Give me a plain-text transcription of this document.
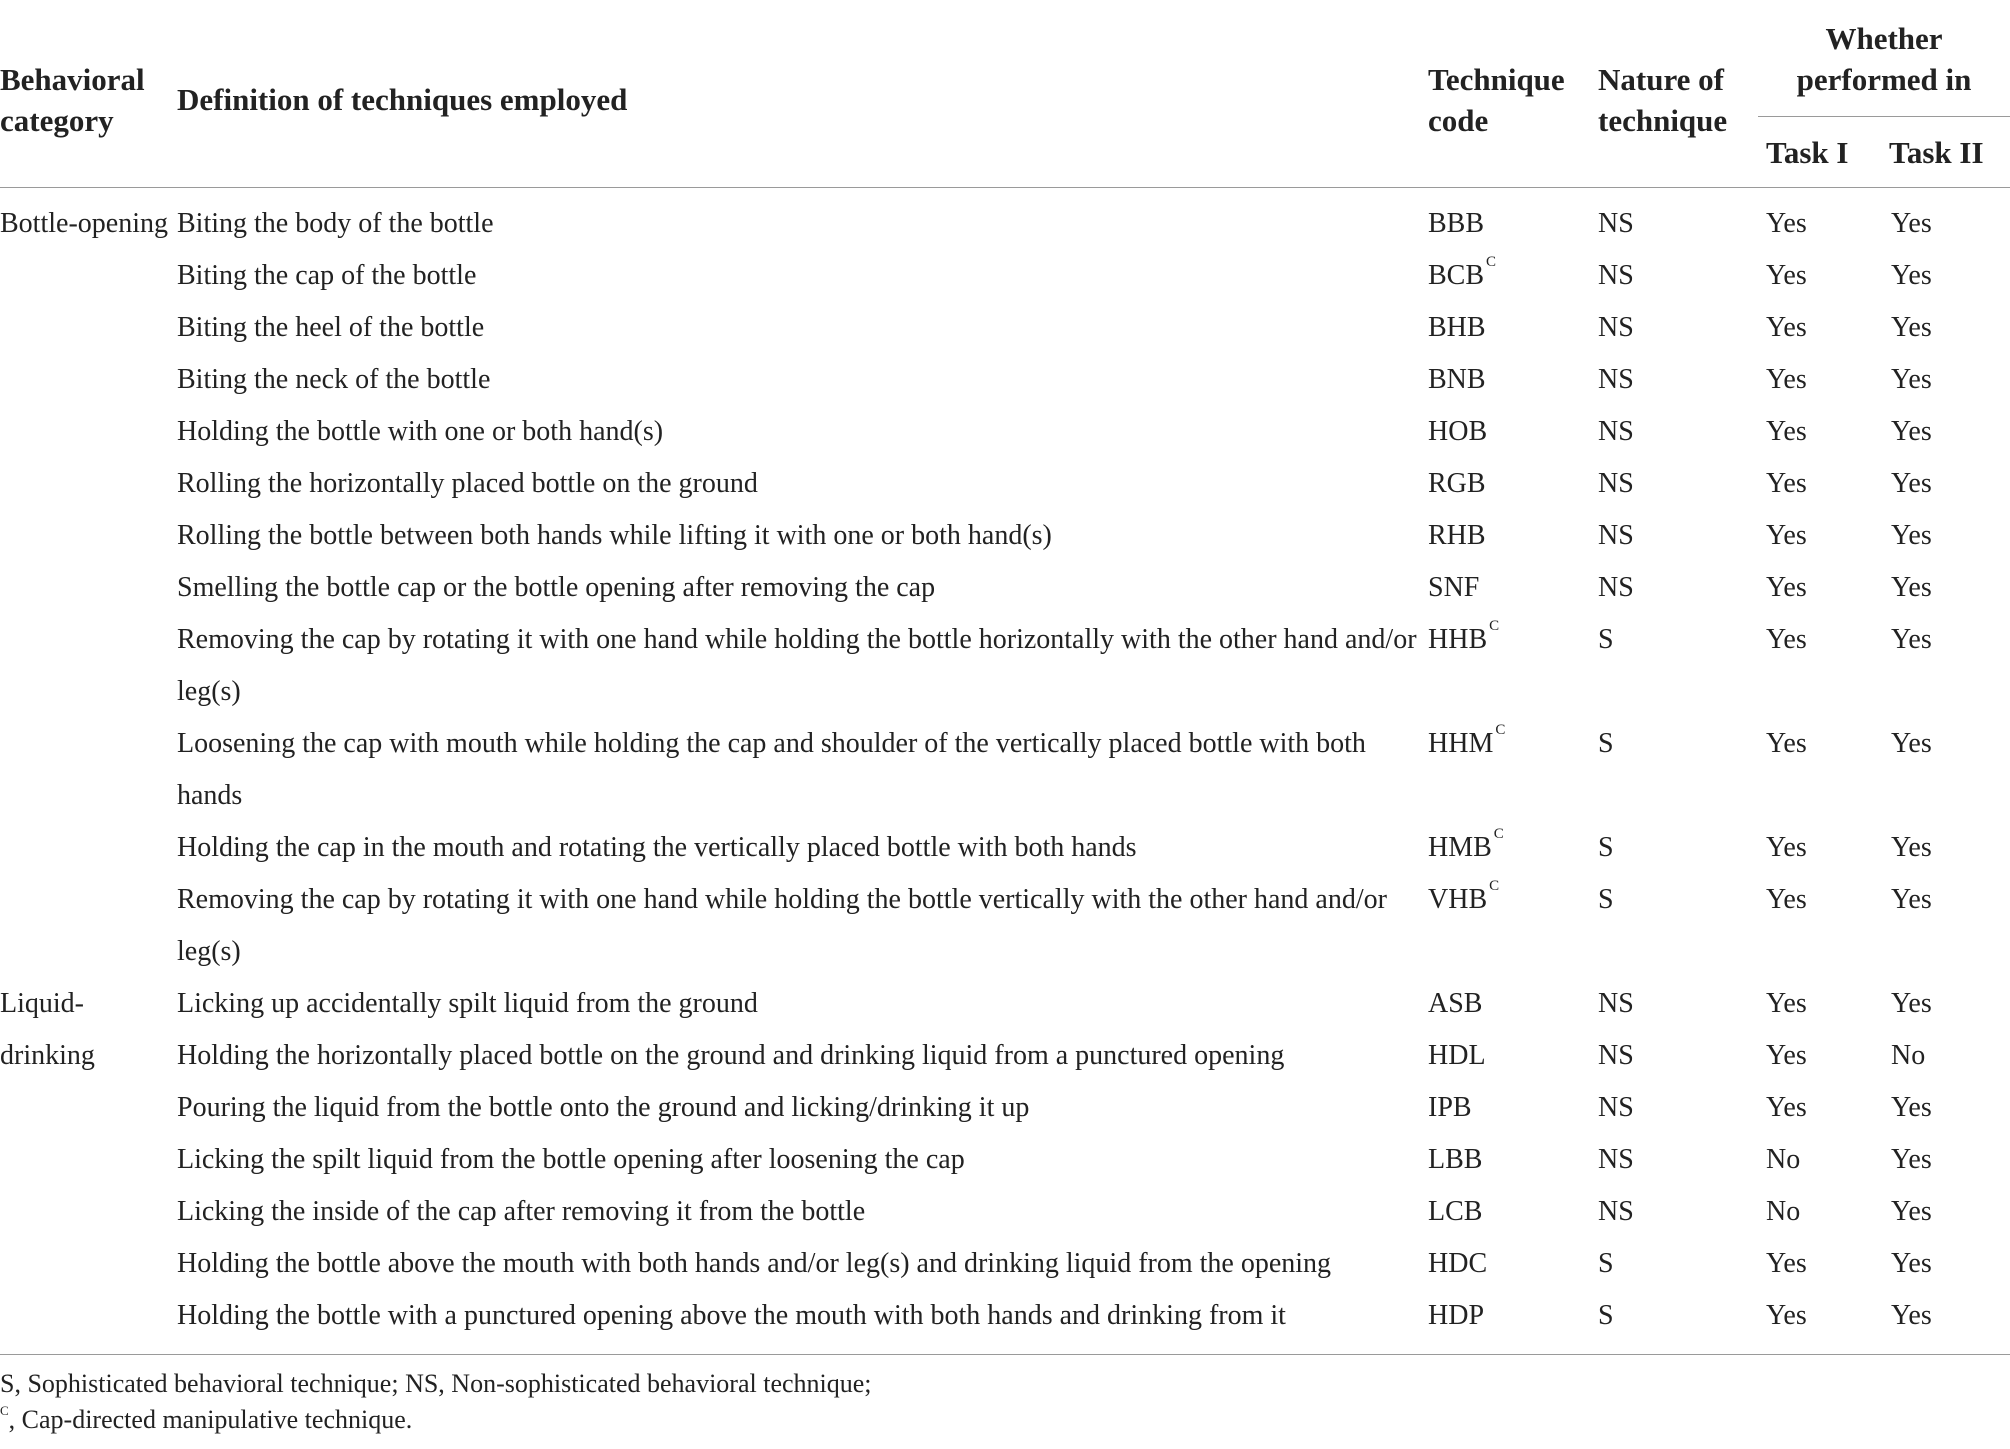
Behavioral category	Definition of techniques employed	Technique code	Nature of technique	Whether performed in	
				Task I	Task II
Bottle-opening	Biting the body of the bottle	BBB	NS	Yes	Yes
	Biting the cap of the bottle	BCB $^C$	NS	Yes	Yes
	Biting the heel of the bottle	BHB	NS	Yes	Yes
	Biting the neck of the bottle	BNB	NS	Yes	Yes
	Holding the bottle with one or both hand(s)	HOB	NS	Yes	Yes
	Rolling the horizontally placed bottle on the ground	RGB	NS	Yes	Yes
	Rolling the bottle between both hands while lifting it with one or both hand(s)	RHB	NS	Yes	Yes
	Smelling the bottle cap or the bottle opening after removing the cap	SNF	NS	Yes	Yes
	Removing the cap by rotating it with one hand while holding the bottle horizontally with the other hand and/or leg(s)	HHB $^C$	S	Yes	Yes
	Loosening the cap with mouth while holding the cap and shoulder of the vertically placed bottle with both hands	HHM $^C$	S	Yes	Yes
	Holding the cap in the mouth and rotating the vertically placed bottle with both hands	HMB $^C$	S	Yes	Yes
	Removing the cap by rotating it with one hand while holding the bottle vertically with the other hand and/or leg(s)	VHB $^C$	S	Yes	Yes
Liquid-drinking	Licking up accidentally spilt liquid from the ground	ASB	NS	Yes	Yes
	Holding the horizontally placed bottle on the ground and drinking liquid from a punctured opening	HDL	NS	Yes	No
	Pouring the liquid from the bottle onto the ground and licking/drinking it up	IPB	NS	Yes	Yes
	Licking the spilt liquid from the bottle opening after loosening the cap	LBB	NS	No	Yes
	Licking the inside of the cap after removing it from the bottle	LCB	NS	No	Yes
	Holding the bottle above the mouth with both hands and/or leg(s) and drinking liquid from the opening	HDC	S	Yes	Yes
	Holding the bottle with a punctured opening above the mouth with both hands and drinking from it	HDP	S	Yes	Yes
S, Sophisticated behavioral technique; NS, Non-sophisticated behavioral technique;
$^C$, Cap-directed manipulative technique.
